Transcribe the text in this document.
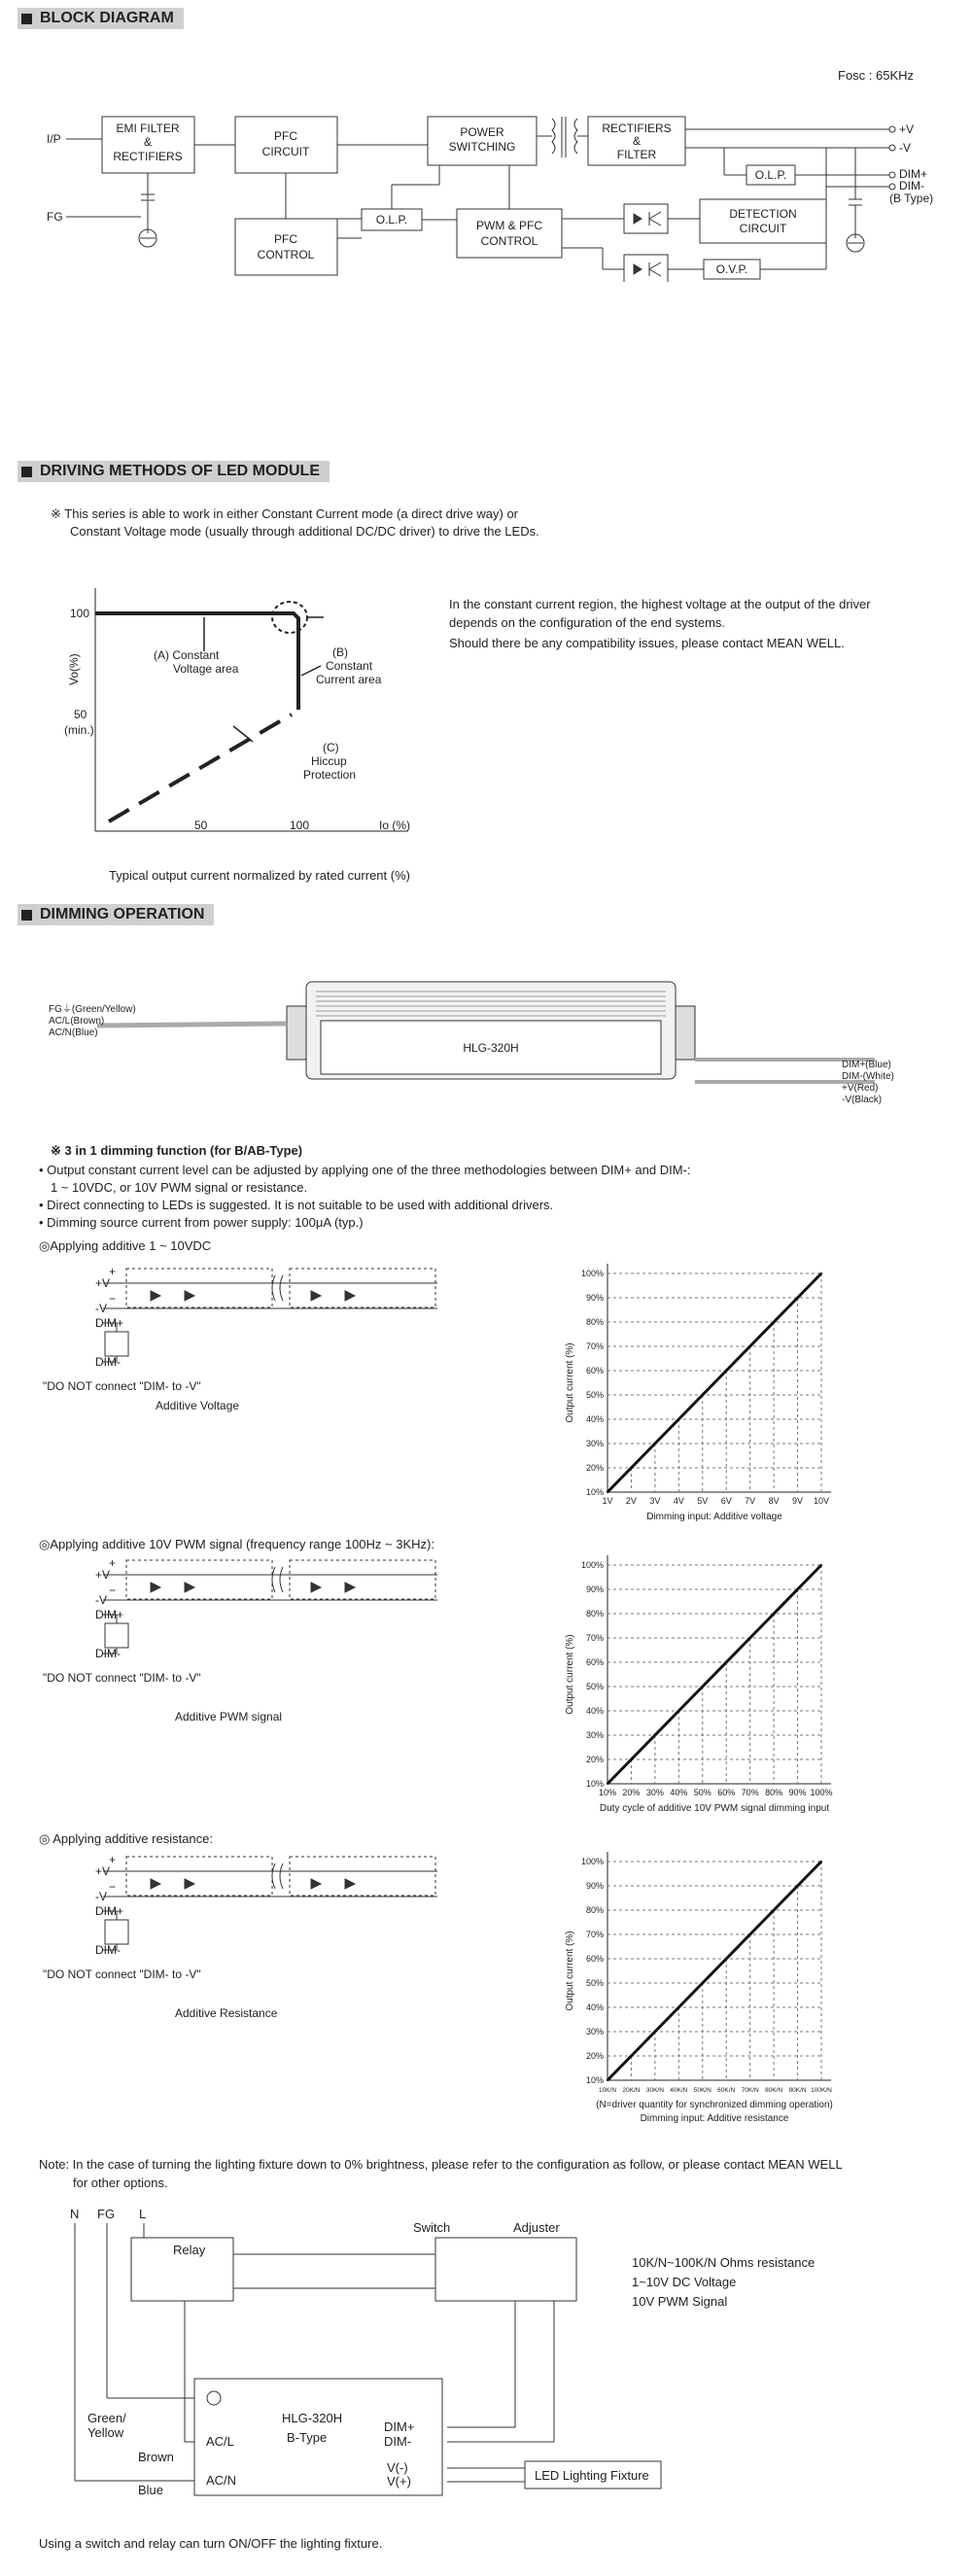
BLOCK DIAGRAM
Fosc : 65KHz
I/P
FG
EMI FILTER
&
RECTIFIERS
PFC
CIRCUIT
PFC
CONTROL
O.L.P.
POWER
SWITCHING
PWM & PFC
CONTROL
RECTIFIERS
&
FILTER
O.L.P.
DETECTION
CIRCUIT
O.V.P.
+V
-V
DIM+
DIM-
(B Type)
DRIVING METHODS OF LED MODULE
※ This series is able to work in either Constant Current mode (a direct drive way) or
Constant Voltage mode (usually through additional DC/DC driver) to drive the LEDs.
In the constant current region, the highest voltage at the output of the driver
depends on the configuration of the end systems.
Should there be any compatibility issues, please contact MEAN WELL.
100
50
(min.)
Vo(%)
50	100	Io (%)
(A) Constant
Voltage area
(B)
Constant
Current area
(C)
Hiccup
Protection
Typical output current normalized by rated current (%)
DIMMING OPERATION
HLG-320H
FG⏚(Green/Yellow)
AC/L(Brown)
AC/N(Blue)
DIM+(Blue)
DIM-(White)
+V(Red)
-V(Black)
※ 3 in 1 dimming function (for B/AB-Type)
• Output constant current level can be adjusted by applying one of the three methodologies between DIM+ and DIM-:
1 ~ 10VDC, or 10V PWM signal or resistance.
• Direct connecting to LEDs is suggested. It is not suitable to be used with additional drivers.
• Dimming source current from power supply: 100μA (typ.)
◎Applying additive 1 ~ 10VDC
◎Applying additive 10V PWM signal (frequency range 100Hz ~ 3KHz):
◎ Applying additive resistance:
+V
-V
DIM+
DIM-
+
−
"DO NOT connect "DIM- to -V"
Additive Voltage
+V
-V
DIM+
DIM-
+
−
"DO NOT connect "DIM- to -V"
Additive PWM signal
+V
-V
DIM+
DIM-
+
−
"DO NOT connect "DIM- to -V"
Additive Resistance
10%
20%
30%
40%
50%
60%
70%
80%
90%
100%
1V 2V 3V 4V 5V 6V 7V 8V 9V 10V
Output current (%)
Dimming input: Additive voltage
10%
20%
30%
40%
50%
60%
70%
80%
90%
100%
10% 20% 30% 40% 50% 60% 70% 80% 90% 100%
Output current (%)
Duty cycle of additive 10V PWM signal dimming input
10%
20%
30%
40%
50%
60%
70%
80%
90%
100%
10K/N 20K/N 30K/N 40K/N 50K/N 60K/N 70K/N 80K/N 90K/N 100K/N
Output current (%)
(N=driver quantity for synchronized dimming operation)
Dimming input: Additive resistance
Note: In the case of turning the lighting fixture down to 0% brightness, please refer to the configuration as follow, or please contact MEAN WELL
for other options.
N FG L
Relay
Switch	Adjuster
10K/N~100K/N Ohms resistance
1~10V DC Voltage
10V PWM Signal
HLG-320H
B-Type
AC/L
AC/N
DIM+
DIM-
V(-)
V(+)	LED Lighting Fixture
Green/
Yellow
Brown
Blue
Using a switch and relay can turn ON/OFF the lighting fixture.
